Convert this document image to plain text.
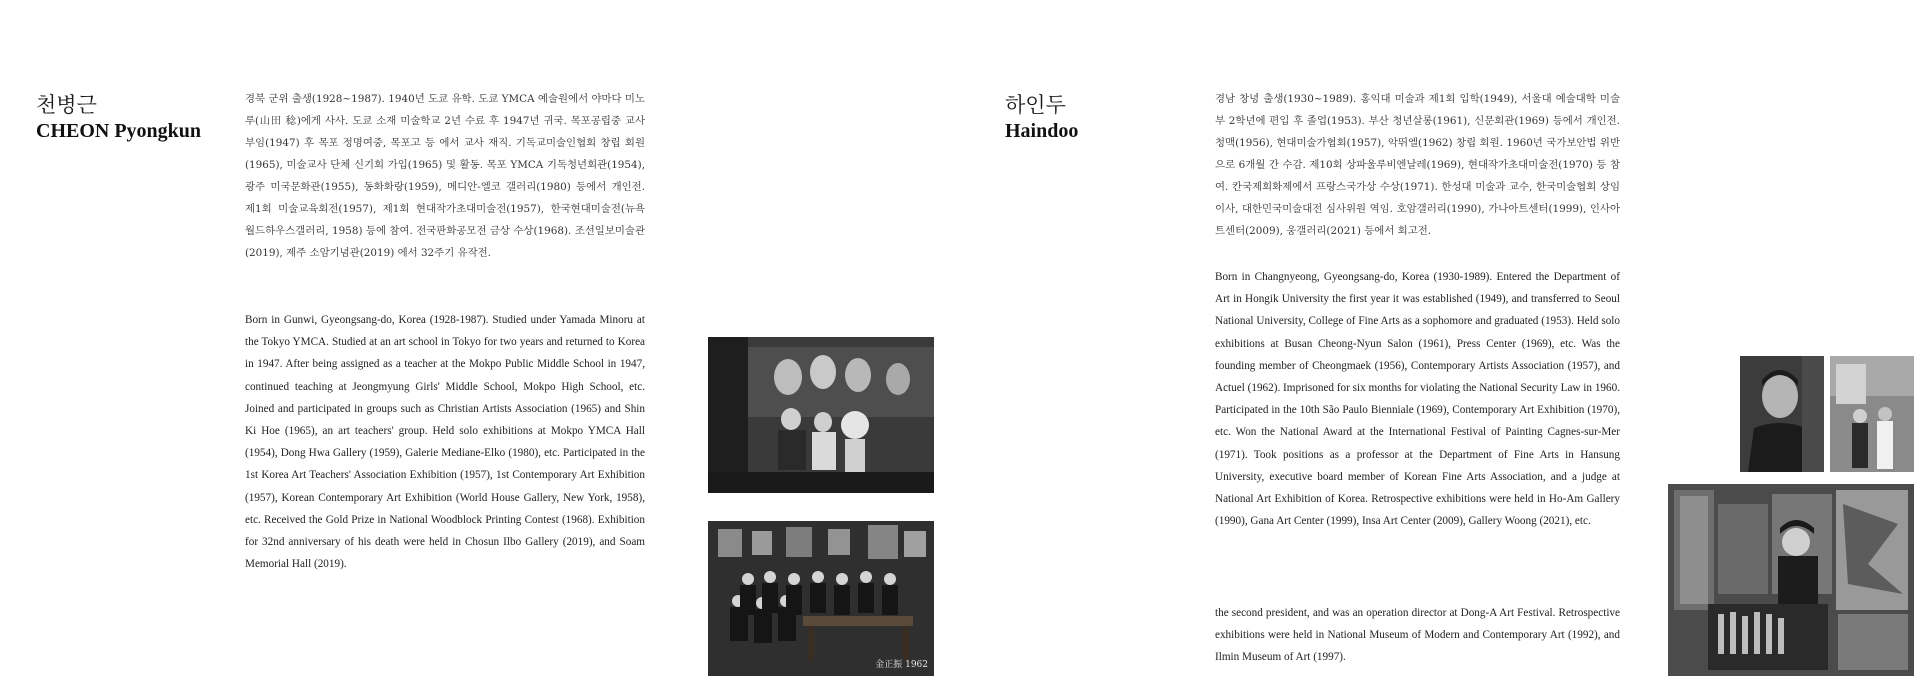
천병근
CHEON Pyongkun

경북 군위 출생(1928~1987). 1940년 도쿄 유학. 도쿄 YMCA 예술원에서 야마다 미노루(山田 稔)에게 사사. 도쿄 소재 미술학교 2년 수료 후 1947년 귀국. 목포공립중 교사 부임(1947) 후 목포 정명여중, 목포고 등 에서 교사 재직. 기독교미술인협회 창립 회원(1965), 미술교사 단체 신기회 가입(1965) 및 활동. 목포 YMCA 기독청년회관(1954), 광주 미국문화관(1955), 동화화랑(1959), 메디안-엘코 갤러리(1980) 등에서 개인전. 제1회 미술교육회전(1957), 제1회 현대작가초대미술전(1957), 한국현대미술전(뉴욕 월드하우스갤러리, 1958) 등에 참여. 전국판화공모전 금상 수상(1968). 조선일보미술관(2019), 제주 소암기념관(2019) 에서 32주기 유작전.

Born in Gunwi, Gyeongsang-do, Korea (1928-1987). Studied under Yamada Minoru at the Tokyo YMCA. Studied at an art school in Tokyo for two years and returned to Korea in 1947. After being assigned as a teacher at the Mokpo Public Middle School in 1947, continued teaching at Jeongmyung Girls' Middle School, Mokpo High School, etc. Joined and participated in groups such as Christian Artists Association (1965) and Shin Ki Hoe (1965), an art teachers' group. Held solo exhibitions at Mokpo YMCA Hall (1954), Dong Hwa Gallery (1959), Galerie Mediane-Elko (1980), etc. Participated in the 1st Korea Art Teachers' Association Exhibition (1957), 1st Contemporary Art Exhibition (1957), Korean Contemporary Art Exhibition (World House Gallery, New York, 1958), etc. Received the Gold Prize in National Woodblock Printing Contest (1968). Exhibition for 32nd anniversary of his death were held in Chosun Ilbo Gallery (2019), and Soam Memorial Hall (2019).

金正振 1962
하인두
Haindoo

경남 창녕 출생(1930~1989). 홍익대 미술과 제1회 입학(1949), 서울대 예술대학 미술부 2학년에 편입 후 졸업(1953). 부산 청년살롱(1961), 신문회관(1969) 등에서 개인전. 청맥(1956), 현대미술가협회(1957), 악뛰엘(1962) 창립 회원. 1960년 국가보안법 위반으로 6개월 간 수감. 제10회 상파울루비엔날레(1969), 현대작가초대미술전(1970) 등 참여. 칸국제회화제에서 프랑스국가상 수상(1971). 한성대 미술과 교수, 한국미술협회 상임이사, 대한민국미술대전 심사위원 역임. 호암갤러리(1990), 가나아트센터(1999), 인사아트센터(2009), 웅갤러리(2021) 등에서 회고전.

Born in Changnyeong, Gyeongsang-do, Korea (1930-1989). Entered the Department of Art in Hongik University the first year it was established (1949), and transferred to Seoul National University, College of Fine Arts as a sophomore and graduated (1953). Held solo exhibitions at Busan Cheong-Nyun Salon (1961), Press Center (1969), etc. Was the founding member of Cheongmaek (1956), Contemporary Artists Association (1957), and Actuel (1962). Imprisoned for six months for violating the National Security Law in 1960. Participated in the 10th São Paulo Bienniale (1969), Contemporary Art Exhibition (1970), etc. Won the National Award at the International Festival of Painting Cagnes-sur-Mer (1971). Took positions as a professor at the Department of Fine Arts in Hansung University, executive board member of Korean Fine Arts Association, and a judge at National Art Exhibition of Korea. Retrospective exhibitions were held in Ho-Am Gallery (1990), Gana Art Center (1999), Insa Art Center (2009), Gallery Woong (2021), etc.

the second president, and was an operation director at Dong-A Art Festival. Retrospective exhibitions were held in National Museum of Modern and Contemporary Art (1992), and Ilmin Museum of Art (1997).
